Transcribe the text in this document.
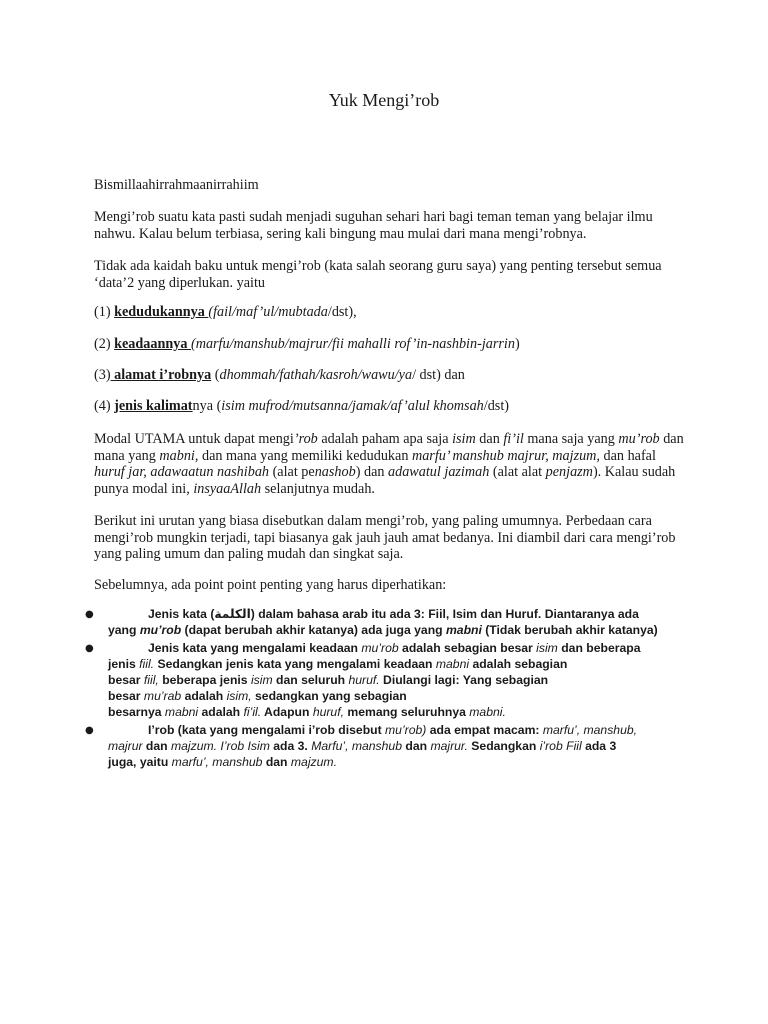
Yuk Mengi’rob
Bismillaahirrahmaanirrahiim
Mengi’rob suatu kata pasti sudah menjadi suguhan sehari hari bagi teman teman yang belajar ilmu nahwu. Kalau belum terbiasa, sering kali bingung mau mulai dari mana mengi’robnya.
Tidak ada kaidah baku untuk mengi’rob (kata salah seorang guru saya) yang penting tersebut semua ‘data’2 yang diperlukan. yaitu
(1) kedudukannya (fail/maf’ul/mubtada/dst),
(2) keadaannya (marfu/manshub/majrur/fii mahalli rof’in-nashbin-jarrin)
(3) alamat i’robnya (dhommah/fathah/kasroh/wawu/ya/ dst) dan
(4) jenis kalimatnya (isim mufrod/mutsanna/jamak/af’alul khomsah/dst)
Modal UTAMA untuk dapat mengi’rob adalah paham apa saja isim dan fi’il mana saja yang mu’rob dan mana yang mabni, dan mana yang memiliki kedudukan marfu’ manshub majrur, majzum, dan hafal huruf jar, adawaatun nashibah (alat penashob) dan adawatul jazimah (alat alat penjazm). Kalau sudah punya modal ini, insyaaAllah selanjutnya mudah.
Berikut ini urutan yang biasa disebutkan dalam mengi’rob, yang paling umumnya. Perbedaan cara mengi’rob mungkin terjadi, tapi biasanya gak jauh jauh amat bedanya. Ini diambil dari cara mengi’rob yang paling umum dan paling mudah dan singkat saja.
Sebelumnya, ada point point penting yang harus diperhatikan:
●	Jenis kata (الكلمة) dalam bahasa arab itu ada 3: Fiil, Isim dan Huruf. Diantaranya ada
yang mu’rob (dapat berubah akhir katanya) ada juga yang mabni (Tidak berubah akhir katanya)
●	Jenis kata yang mengalami keadaan mu’rob adalah sebagian besar isim dan beberapa
jenis fiil. Sedangkan jenis kata yang mengalami keadaan mabni adalah sebagian
besar fiil, beberapa jenis isim dan seluruh huruf. Diulangi lagi: Yang sebagian
besar mu’rab adalah isim, sedangkan yang sebagian
besarnya mabni adalah fi’il. Adapun huruf, memang seluruhnya mabni.
●	I’rob (kata yang mengalami i’rob disebut mu’rob) ada empat macam: marfu’, manshub,
majrur dan majzum. I’rob Isim ada 3. Marfu’, manshub dan majrur. Sedangkan i’rob Fiil ada 3
juga, yaitu marfu’, manshub dan majzum.
